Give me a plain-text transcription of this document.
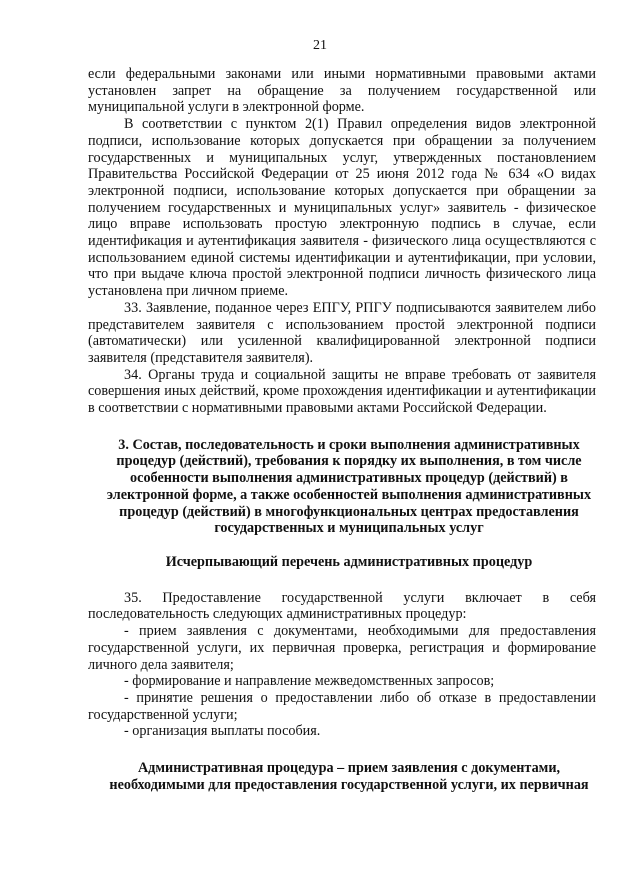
21

если федеральными законами или иными нормативными правовыми актами установлен запрет на обращение за получением государственной или муниципальной услуги в электронной форме.

В соответствии с пунктом 2(1) Правил определения видов электронной подписи, использование которых допускается при обращении за получением государственных и муниципальных услуг, утвержденных постановлением Правительства Российской Федерации от 25 июня 2012 года № 634 «О видах электронной подписи, использование которых допускается при обращении за получением государственных и муниципальных услуг» заявитель - физическое лицо вправе использовать простую электронную подпись в случае, если идентификация и аутентификация заявителя - физического лица осуществляются с использованием единой системы идентификации и аутентификации, при условии, что при выдаче ключа простой электронной подписи личность физического лица установлена при личном приеме.

33. Заявление, поданное через ЕПГУ, РПГУ подписываются заявителем либо представителем заявителя с использованием простой электронной подписи (автоматически) или усиленной квалифицированной электронной подписи заявителя (представителя заявителя).

34. Органы труда и социальной защиты не вправе требовать от заявителя совершения иных действий, кроме прохождения идентификации и аутентификации в соответствии с нормативными правовыми актами Российской Федерации.

3. Состав, последовательность и сроки выполнения административных процедур (действий), требования к порядку их выполнения, в том числе особенности выполнения административных процедур (действий) в электронной форме, а также особенностей выполнения административных процедур (действий) в многофункциональных центрах предоставления государственных и муниципальных услуг

Исчерпывающий перечень административных процедур

35. Предоставление государственной услуги включает в себя последовательность следующих административных процедур:

- прием заявления с документами, необходимыми для предоставления государственной услуги, их первичная проверка, регистрация и формирование личного дела заявителя;

- формирование и направление межведомственных запросов;

- принятие решения о предоставлении либо об отказе в предоставлении государственной услуги;

- организация выплаты пособия.

Административная процедура – прием заявления с документами, необходимыми для предоставления государственной услуги, их первичная
